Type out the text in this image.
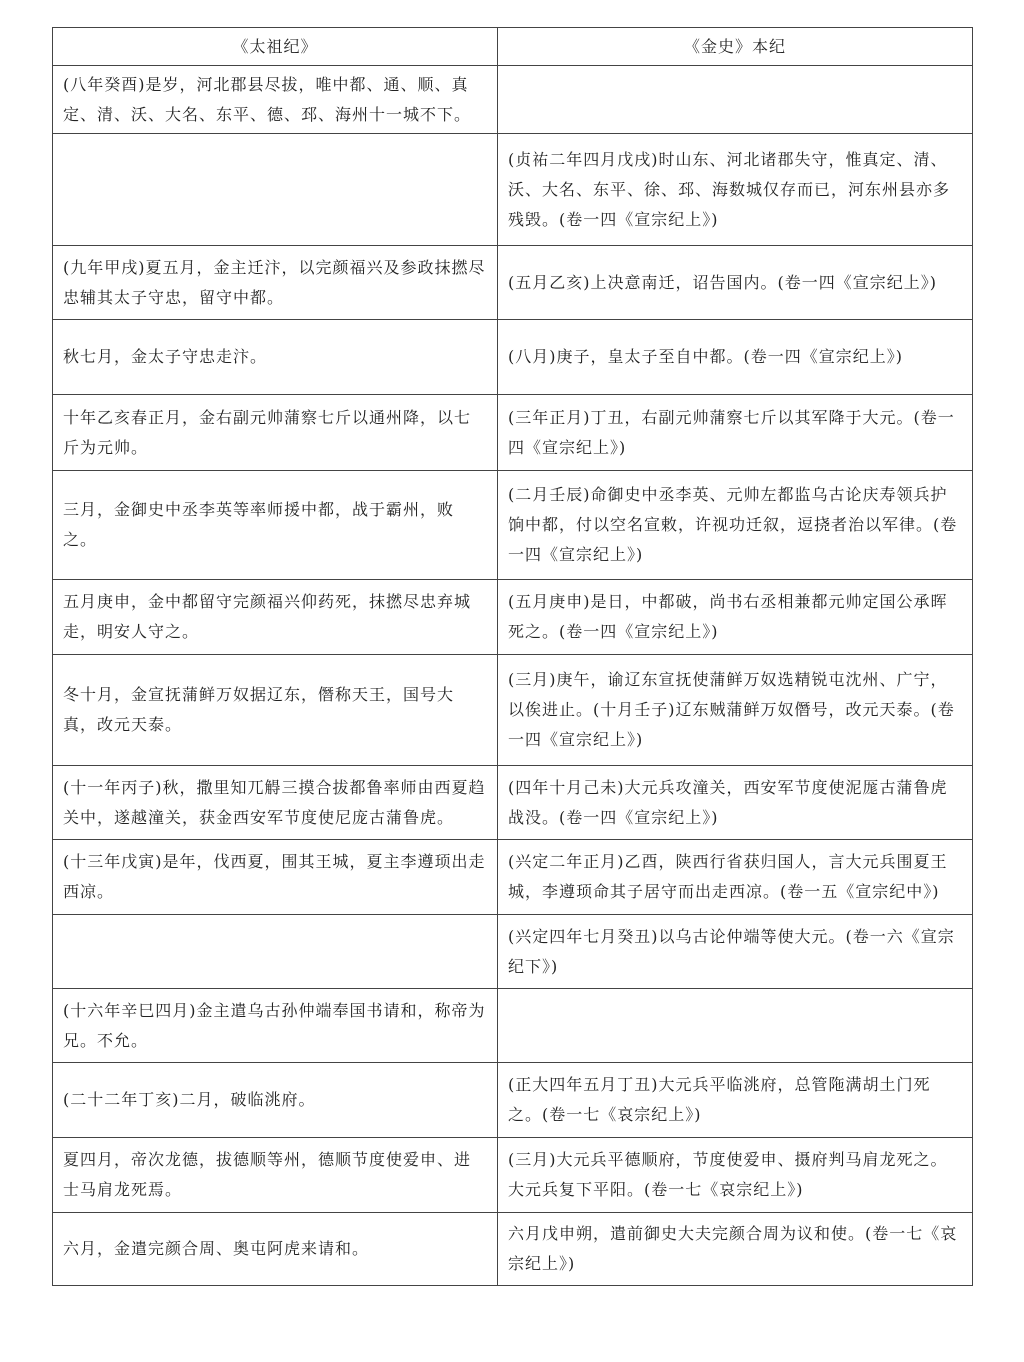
《太祖纪》	《金史》本纪
(八年癸酉)是岁，河北郡县尽拔，唯中都、通、顺、真定、清、沃、大名、东平、德、邳、海州十一城不下。	
	(贞祐二年四月戊戌)时山东、河北诸郡失守，惟真定、清、沃、大名、东平、徐、邳、海数城仅存而已，河东州县亦多残毁。(卷一四《宣宗纪上》)
(九年甲戌)夏五月，金主迁汴，以完颜福兴及参政抹撚尽忠辅其太子守忠，留守中都。	(五月乙亥)上决意南迁，诏告国内。(卷一四《宣宗纪上》)
秋七月，金太子守忠走汴。	(八月)庚子，皇太子至自中都。(卷一四《宣宗纪上》)
十年乙亥春正月，金右副元帅蒲察七斤以通州降，以七斤为元帅。	(三年正月)丁丑，右副元帅蒲察七斤以其军降于大元。(卷一四《宣宗纪上》)
三月，金御史中丞李英等率师援中都，战于霸州，败之。	(二月壬辰)命御史中丞李英、元帅左都监乌古论庆寿领兵护饷中都，付以空名宣敕，许视功迁叙，逗挠者治以军律。(卷一四《宣宗纪上》)
五月庚申，金中都留守完颜福兴仰药死，抹撚尽忠弃城走，明安人守之。	(五月庚申)是日，中都破，尚书右丞相兼都元帅定国公承晖死之。(卷一四《宣宗纪上》)
冬十月，金宣抚蒲鲜万奴据辽东，僭称天王，国号大真，改元天泰。	(三月)庚午，谕辽东宣抚使蒲鲜万奴选精锐屯沈州、广宁，以俟进止。(十月壬子)辽东贼蒲鲜万奴僭号，改元天泰。(卷一四《宣宗纪上》)
(十一年丙子)秋，撒里知兀䚟三摸合拔都鲁率师由西夏趋关中，遂越潼关，获金西安军节度使尼庞古蒲鲁虎。	(四年十月己未)大元兵攻潼关，西安军节度使泥厖古蒲鲁虎战没。(卷一四《宣宗纪上》)
(十三年戊寅)是年，伐西夏，围其王城，夏主李遵顼出走西凉。	(兴定二年正月)乙酉，陕西行省获归国人，言大元兵围夏王城，李遵顼命其子居守而出走西凉。(卷一五《宣宗纪中》)
	(兴定四年七月癸丑)以乌古论仲端等使大元。(卷一六《宣宗纪下》)
(十六年辛巳四月)金主遣乌古孙仲端奉国书请和，称帝为兄。不允。	
(二十二年丁亥)二月，破临洮府。	(正大四年五月丁丑)大元兵平临洮府，总管陁满胡土门死之。(卷一七《哀宗纪上》)
夏四月，帝次龙德，拔德顺等州，德顺节度使爱申、进士马肩龙死焉。	(三月)大元兵平德顺府，节度使爱申、摄府判马肩龙死之。大元兵复下平阳。(卷一七《哀宗纪上》)
六月，金遣完颜合周、奥屯阿虎来请和。	六月戊申朔，遣前御史大夫完颜合周为议和使。(卷一七《哀宗纪上》)
